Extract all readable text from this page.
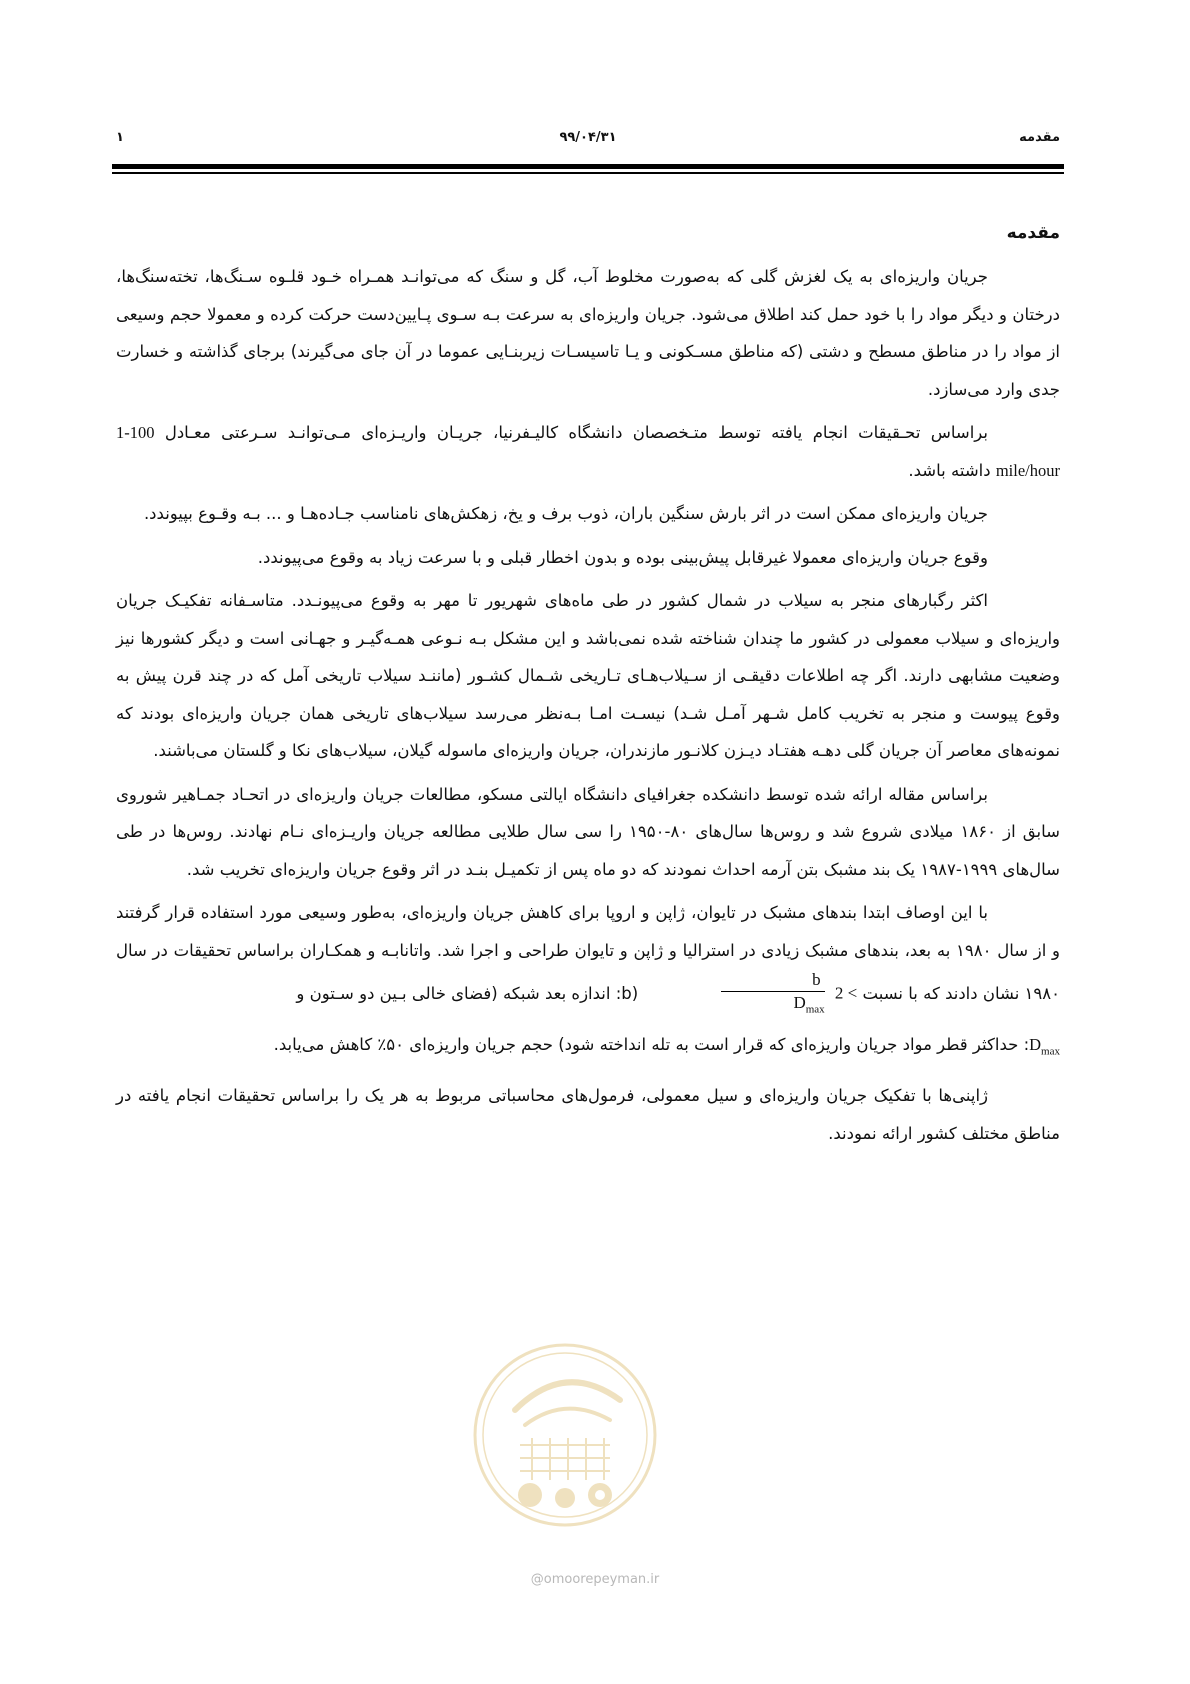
مقدمه
۹۹/۰۴/۳۱
۱
مقدمه

جریان واریزه‌ای به یک لغزش گلی که به‌صورت مخلوط آب، گل و سنگ که می‌توانـد همـراه خـود قلـوه سـنگ‌ها، تخته‌سنگ‌ها، درختان و دیگر مواد را با خود حمل کند اطلاق می‌شود. جریان واریزه‌ای به سرعت بـه سـوی پـایین‌دست حرکت کرده و معمولا حجم وسیعی از مواد را در مناطق مسطح و دشتی (که مناطق مسـکونی و یـا تاسیسـات زیربنـایی عموما در آن جای می‌گیرند) برجای گذاشته و خسارت جدی وارد می‌سازد.

براساس تحـقیقات انجام یافته توسط متـخصصان دانشگاه کالیـفرنیا، جریـان واریـزه‌ای مـی‌توانـد سـرعتی معـادل 1-100 mile/hour داشته باشد.

جریان واریزه‌ای ممکن است در اثر بارش سنگین باران، ذوب برف و یخ، زهکش‌های نامناسب جـاده‌هـا و ... بـه وقـوع بپیوندد.

وقوع جریان واریزه‌ای معمولا غیرقابل پیش‌بینی بوده و بدون اخطار قبلی و با سرعت زیاد به وقوع می‌پیوندد.

اکثر رگبارهای منجر به سیلاب در شمال کشور در طی ماه‌های شهریور تا مهر به وقوع می‌پیونـدد. متاسـفانه تفکیـک جریان واریزه‌ای و سیلاب معمولی در کشور ما چندان شناخته شده نمی‌باشد و این مشکل بـه نـوعی همـه‌گیـر و جهـانی است و دیگر کشورها نیز وضعیت مشابهی دارند. اگر چه اطلاعات دقیقـی از سـیلاب‌هـای تـاریخی شـمال کشـور (ماننـد سیلاب تاریخی آمل که در چند قرن پیش به وقوع پیوست و منجر به تخریب کامل شـهر آمـل شـد) نیسـت امـا بـه‌نظر می‌رسد سیلاب‌های تاریخی همان جریان واریزه‌ای بودند که نمونه‌های معاصر آن جریان گلی دهـه هفتـاد دیـزن کلانـور مازندران، جریان واریزه‌ای ماسوله گیلان، سیلاب‌های نکا و گلستان می‌باشند.

براساس مقاله ارائه شده توسط دانشکده جغرافیای دانشگاه ایالتی مسکو، مطالعات جریان واریزه‌ای در اتحـاد جمـاهیر شوروی سابق از ۱۸۶۰ میلادی شروع شد و روس‌ها سال‌های ۸۰-۱۹۵۰ را سی سال طلایی مطالعه جریان واریـزه‌ای نـام نهادند. روس‌ها در طی سال‌های ۱۹۹۹-۱۹۸۷ یک بند مشبک بتن آرمه احداث نمودند که دو ماه پس از تکمیـل بنـد در اثر وقوع جریان واریزه‌ای تخریب شد.

با این اوصاف ابتدا بندهای مشبک در تایوان، ژاپن و اروپا برای کاهش جریان واریزه‌ای، به‌طور وسیعی مورد استفاده قرار گرفتند و از سال ۱۹۸۰ به بعد، بندهای مشبک زیادی در استرالیا و ژاپن و تایوان طراحی و اجرا شد. واتانابـه و همکـاران براساس تحقیقات در سال ۱۹۸۰ نشان دادند که با نسبت
$\frac{b}{D_{max}} 2 < (b$: اندازه بعد شبکه (فضای خالی بـین دو سـتون و

$D_{max}$: حداکثر قطر مواد جریان واریزه‌ای که قرار است به تله انداخته شود) حجم جریان واریزه‌ای ۵۰٪ کاهش می‌یابد.

ژاپنی‌ها با تفکیک جریان واریزه‌ای و سیل معمولی، فرمول‌های محاسباتی مربوط به هر یک را براساس تحقیقات انجام یافته در مناطق مختلف کشور ارائه نمودند.

@omoorepeyman.ir
